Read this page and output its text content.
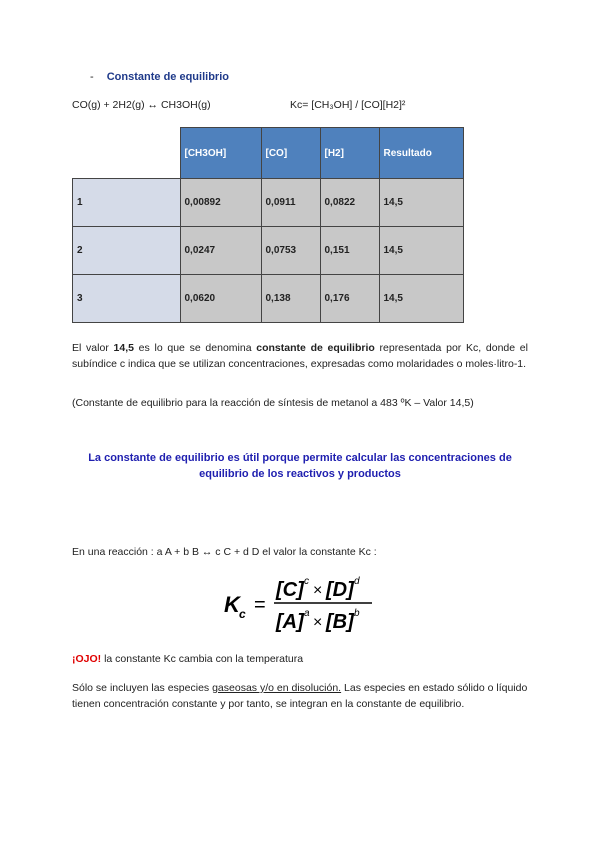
- Constante de equilibrio
CO(g) + 2H2(g) ↔ CH3OH(g)	Kc= [CH₃OH] / [CO][H2]²
	[CH3OH]	[CO]	[H2]	Resultado
1	0,00892	0,0911	0,0822	14,5
2	0,0247	0,0753	0,151	14,5
3	0,0620	0,138	0,176	14,5
El valor 14,5 es lo que se denomina constante de equilibrio representada por Kc, donde el subíndice c indica que se utilizan concentraciones, expresadas como molaridades o moles·litro-1.
(Constante de equilibrio para la reacción de síntesis de metanol a 483 ºK – Valor 14,5)
La constante de equilibrio es útil porque permite calcular las concentraciones de equilibrio de los reactivos y productos
En una reacción : a A + b B ↔ c C + d D el valor la constante Kc :
K c =
[C] c
× [D] d
[A] a
× [B] b
¡OJO! la constante Kc cambia con la temperatura
Sólo se incluyen las especies gaseosas y/o en disolución. Las especies en estado sólido o líquido tienen concentración constante y por tanto, se integran en la constante de equilibrio.
